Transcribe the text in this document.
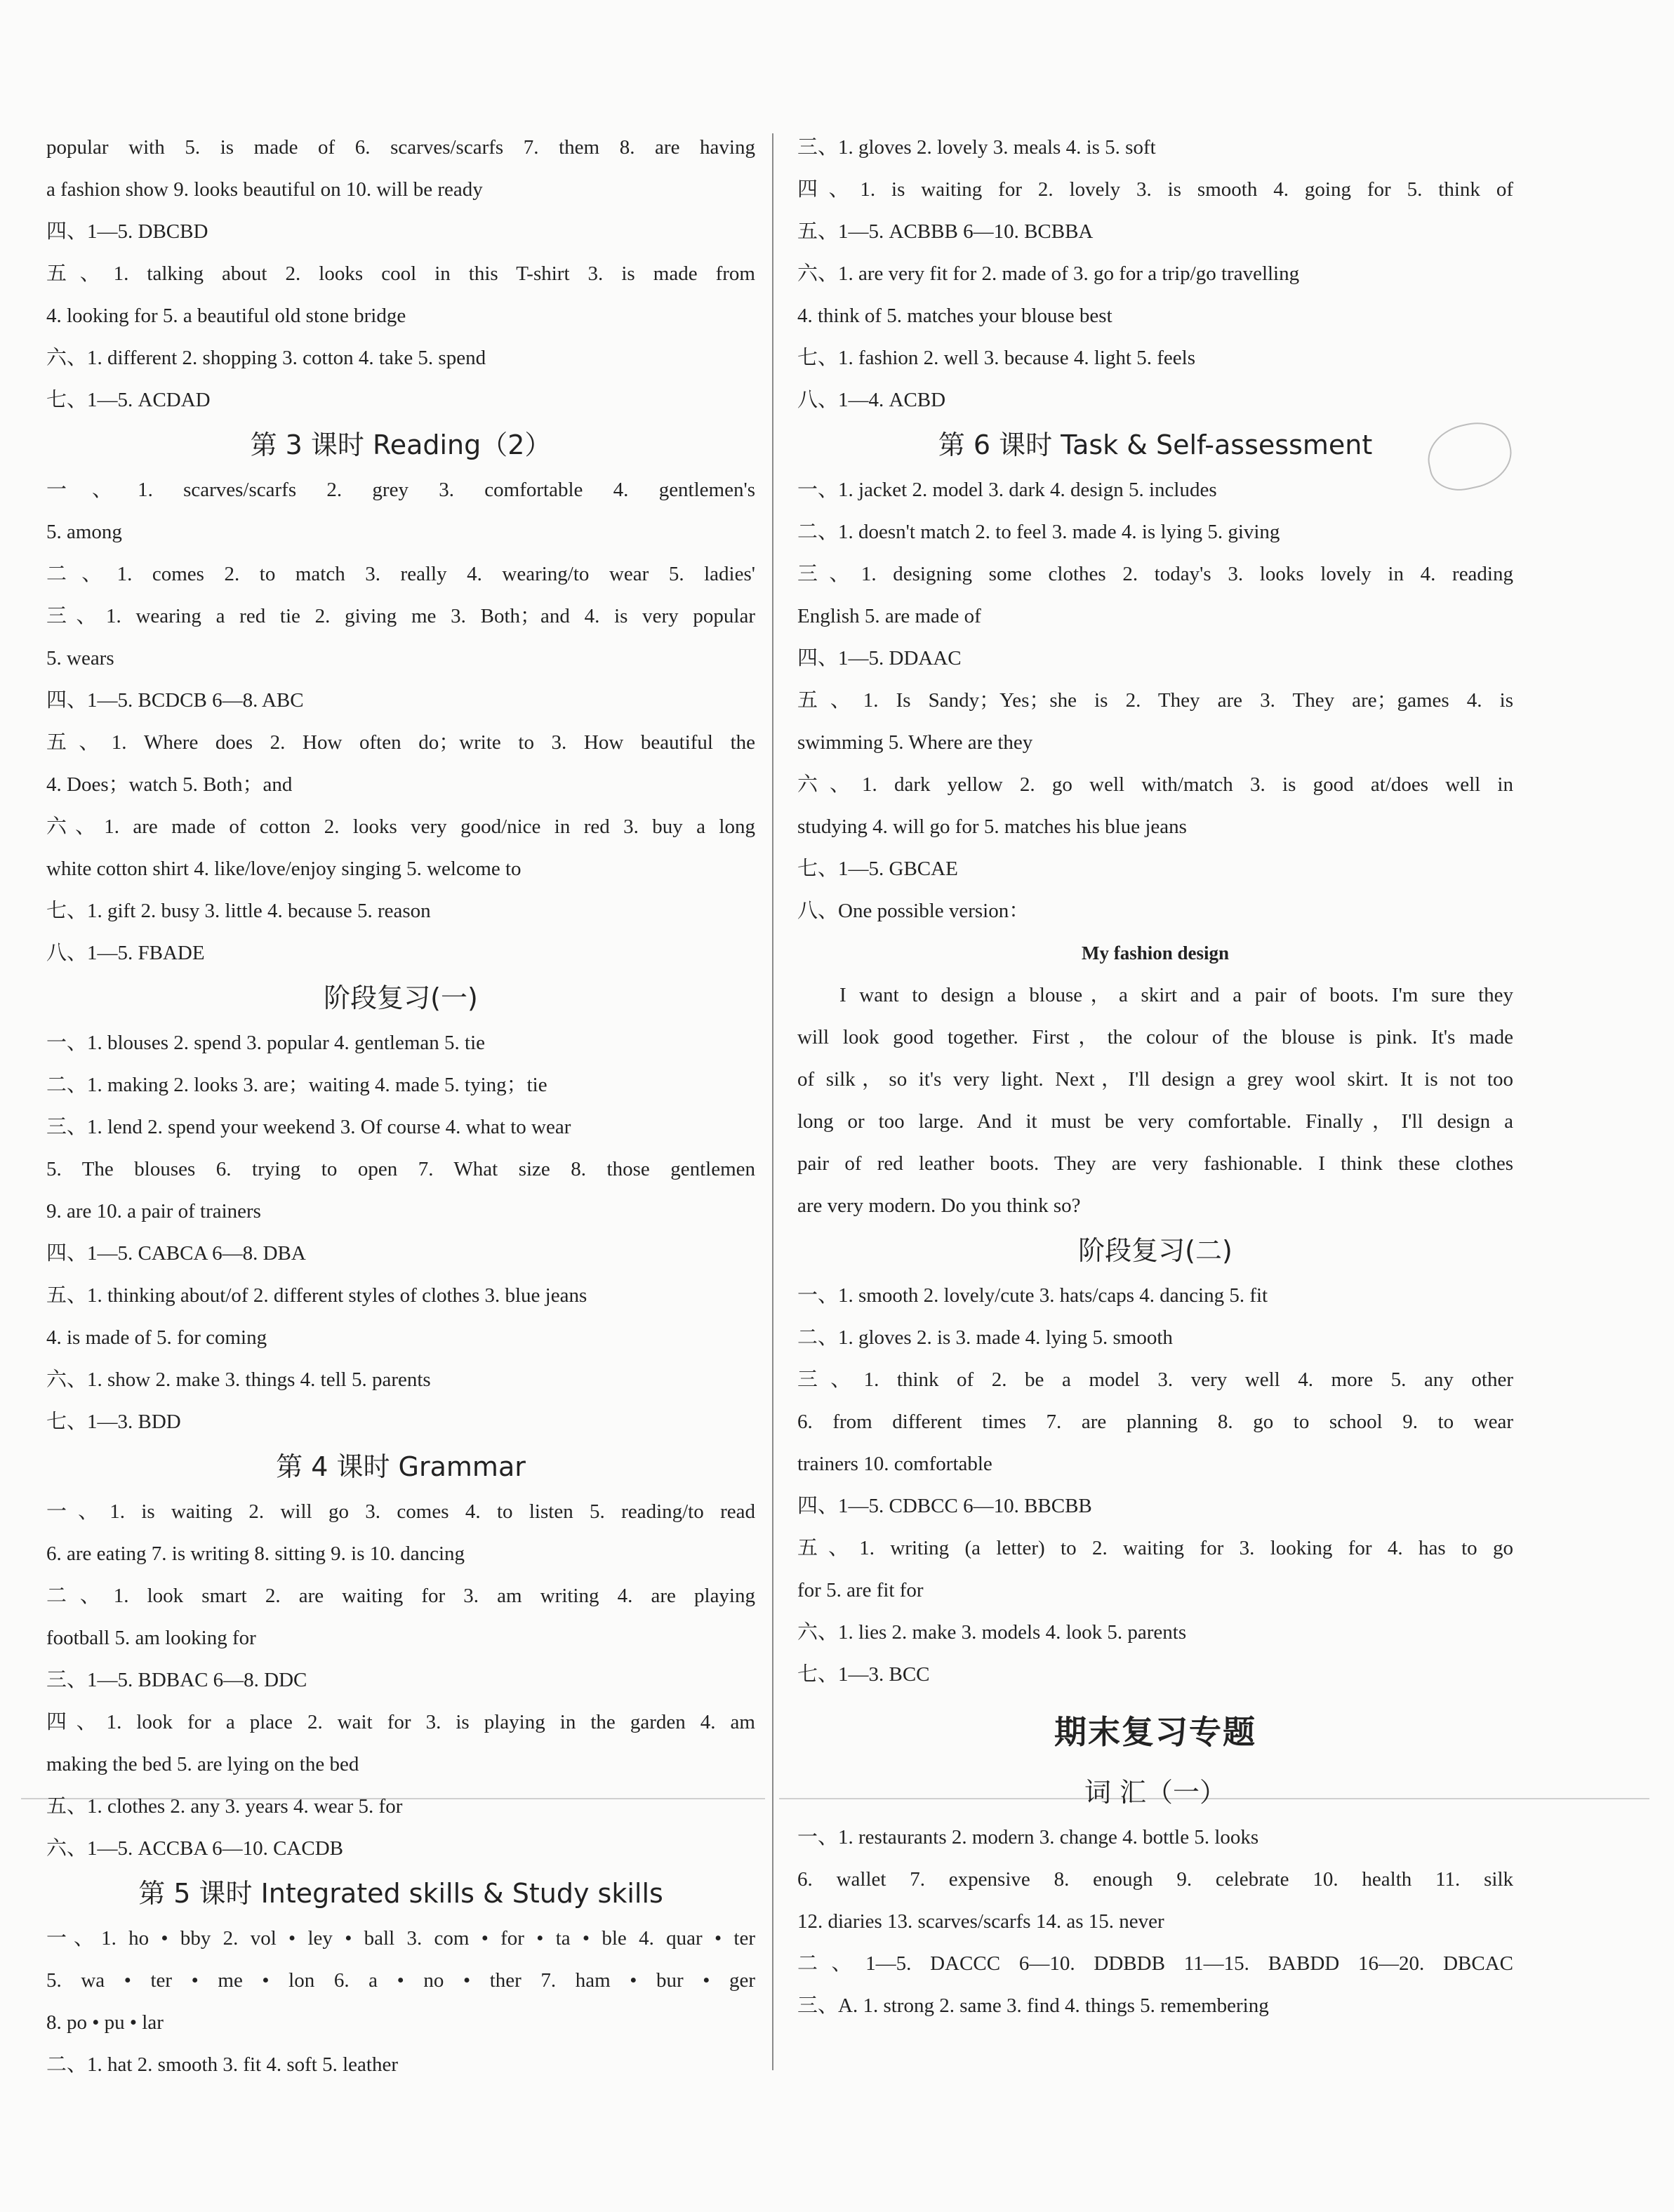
popular with 5. is made of 6. scarves/scarfs 7. them 8. are having
a fashion show 9. looks beautiful on 10. will be ready
四、1—5. DBCBD
五、1. talking about 2. looks cool in this T-shirt 3. is made from
4. looking for 5. a beautiful old stone bridge
六、1. different 2. shopping 3. cotton 4. take 5. spend
七、1—5. ACDAD
第 3 课时 Reading（2）
一、1. scarves/scarfs 2. grey 3. comfortable 4. gentlemen's
5. among
二、1. comes 2. to match 3. really 4. wearing/to wear 5. ladies'
三、1. wearing a red tie 2. giving me 3. Both；and 4. is very popular
5. wears
四、1—5. BCDCB 6—8. ABC
五、1. Where does 2. How often do；write to 3. How beautiful the
4. Does；watch 5. Both；and
六、1. are made of cotton 2. looks very good/nice in red 3. buy a long
white cotton shirt 4. like/love/enjoy singing 5. welcome to
七、1. gift 2. busy 3. little 4. because 5. reason
八、1—5. FBADE
阶段复习(一)
一、1. blouses 2. spend 3. popular 4. gentleman 5. tie
二、1. making 2. looks 3. are；waiting 4. made 5. tying；tie
三、1. lend 2. spend your weekend 3. Of course 4. what to wear
5. The blouses 6. trying to open 7. What size 8. those gentlemen
9. are 10. a pair of trainers
四、1—5. CABCA 6—8. DBA
五、1. thinking about/of 2. different styles of clothes 3. blue jeans
4. is made of 5. for coming
六、1. show 2. make 3. things 4. tell 5. parents
七、1—3. BDD
第 4 课时 Grammar
一、1. is waiting 2. will go 3. comes 4. to listen 5. reading/to read
6. are eating 7. is writing 8. sitting 9. is 10. dancing
二、1. look smart 2. are waiting for 3. am writing 4. are playing
football 5. am looking for
三、1—5. BDBAC 6—8. DDC
四、1. look for a place 2. wait for 3. is playing in the garden 4. am
making the bed 5. are lying on the bed
五、1. clothes 2. any 3. years 4. wear 5. for
六、1—5. ACCBA 6—10. CACDB
第 5 课时 Integrated skills & Study skills
一、1. ho • bby 2. vol • ley • ball 3. com • for • ta • ble 4. quar • ter
5. wa • ter • me • lon 6. a • no • ther 7. ham • bur • ger
8. po • pu • lar
二、1. hat 2. smooth 3. fit 4. soft 5. leather
三、1. gloves 2. lovely 3. meals 4. is 5. soft
四、1. is waiting for 2. lovely 3. is smooth 4. going for 5. think of
五、1—5. ACBBB 6—10. BCBBA
六、1. are very fit for 2. made of 3. go for a trip/go travelling
4. think of 5. matches your blouse best
七、1. fashion 2. well 3. because 4. light 5. feels
八、1—4. ACBD
第 6 课时 Task & Self-assessment
一、1. jacket 2. model 3. dark 4. design 5. includes
二、1. doesn't match 2. to feel 3. made 4. is lying 5. giving
三、1. designing some clothes 2. today's 3. looks lovely in 4. reading
English 5. are made of
四、1—5. DDAAC
五、1. Is Sandy；Yes；she is 2. They are 3. They are；games 4. is
swimming 5. Where are they
六、1. dark yellow 2. go well with/match 3. is good at/does well in
studying 4. will go for 5. matches his blue jeans
七、1—5. GBCAE
八、One possible version：
My fashion design
I want to design a blouse，a skirt and a pair of boots. I'm sure they
will look good together. First，the colour of the blouse is pink. It's made
of silk，so it's very light. Next，I'll design a grey wool skirt. It is not too
long or too large. And it must be very comfortable. Finally，I'll design a
pair of red leather boots. They are very fashionable. I think these clothes
are very modern. Do you think so?
阶段复习(二)
一、1. smooth 2. lovely/cute 3. hats/caps 4. dancing 5. fit
二、1. gloves 2. is 3. made 4. lying 5. smooth
三、1. think of 2. be a model 3. very well 4. more 5. any other
6. from different times 7. are planning 8. go to school 9. to wear
trainers 10. comfortable
四、1—5. CDBCC 6—10. BBCBB
五、1. writing (a letter) to 2. waiting for 3. looking for 4. has to go
for 5. are fit for
六、1. lies 2. make 3. models 4. look 5. parents
七、1—3. BCC
期末复习专题
词 汇（一）
一、1. restaurants 2. modern 3. change 4. bottle 5. looks
6. wallet 7. expensive 8. enough 9. celebrate 10. health 11. silk
12. diaries 13. scarves/scarfs 14. as 15. never
二、1—5. DACCC 6—10. DDBDB 11—15. BABDD 16—20. DBCAC
三、A. 1. strong 2. same 3. find 4. things 5. remembering
